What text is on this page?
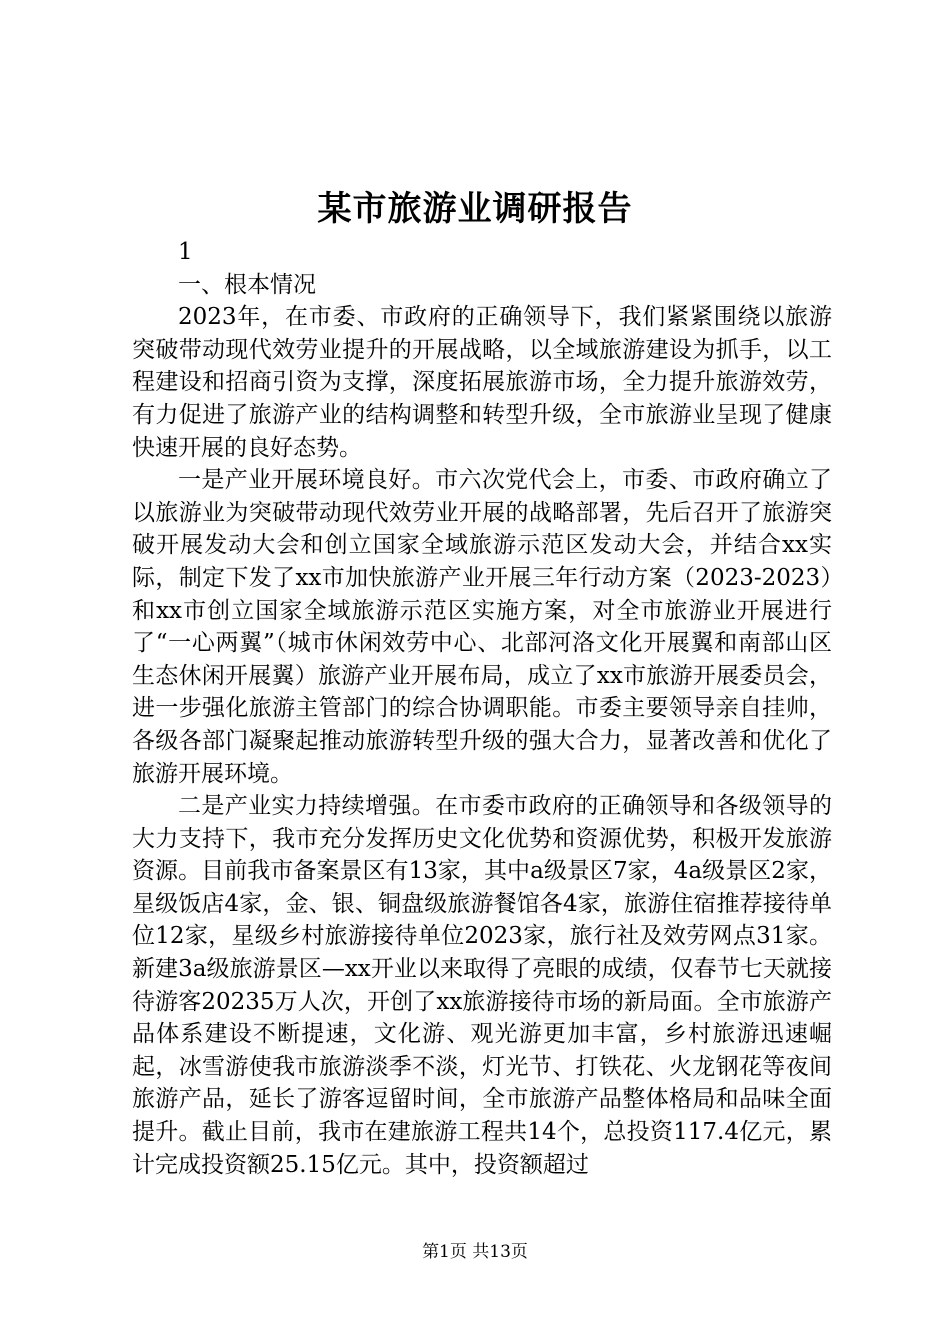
某市旅游业调研报告

1

一、根本情况

2023年，在市委、市政府的正确领导下，我们紧紧围绕以旅游突破带动现代效劳业提升的开展战略，以全域旅游建设为抓手，以工程建设和招商引资为支撑，深度拓展旅游市场，全力提升旅游效劳，有力促进了旅游产业的结构调整和转型升级，全市旅游业呈现了健康快速开展的良好态势。

一是产业开展环境良好。市六次党代会上，市委、市政府确立了以旅游业为突破带动现代效劳业开展的战略部署，先后召开了旅游突破开展发动大会和创立国家全域旅游示范区发动大会，并结合xx实际，制定下发了xx市加快旅游产业开展三年行动方案（2023-2023）和xx市创立国家全域旅游示范区实施方案，对全市旅游业开展进行了“一心两翼”（城市休闲效劳中心、北部河洛文化开展翼和南部山区生态休闲开展翼）旅游产业开展布局，成立了xx市旅游开展委员会，进一步强化旅游主管部门的综合协调职能。市委主要领导亲自挂帅，各级各部门凝聚起推动旅游转型升级的强大合力，显著改善和优化了旅游开展环境。

二是产业实力持续增强。在市委市政府的正确领导和各级领导的大力支持下，我市充分发挥历史文化优势和资源优势，积极开发旅游资源。目前我市备案景区有13家，其中a级景区7家，4a级景区2家，星级饭店4家，金、银、铜盘级旅游餐馆各4家，旅游住宿推荐接待单位12家，星级乡村旅游接待单位2023家，旅行社及效劳网点31家。新建3a级旅游景区—xx开业以来取得了亮眼的成绩，仅春节七天就接待游客20235万人次，开创了xx旅游接待市场的新局面。全市旅游产品体系建设不断提速，文化游、观光游更加丰富，乡村旅游迅速崛起，冰雪游使我市旅游淡季不淡，灯光节、打铁花、火龙钢花等夜间旅游产品，延长了游客逗留时间，全市旅游产品整体格局和品味全面提升。截止目前，我市在建旅游工程共14个，总投资117.4亿元，累计完成投资额25.15亿元。其中，投资额超过

第1页 共13页
